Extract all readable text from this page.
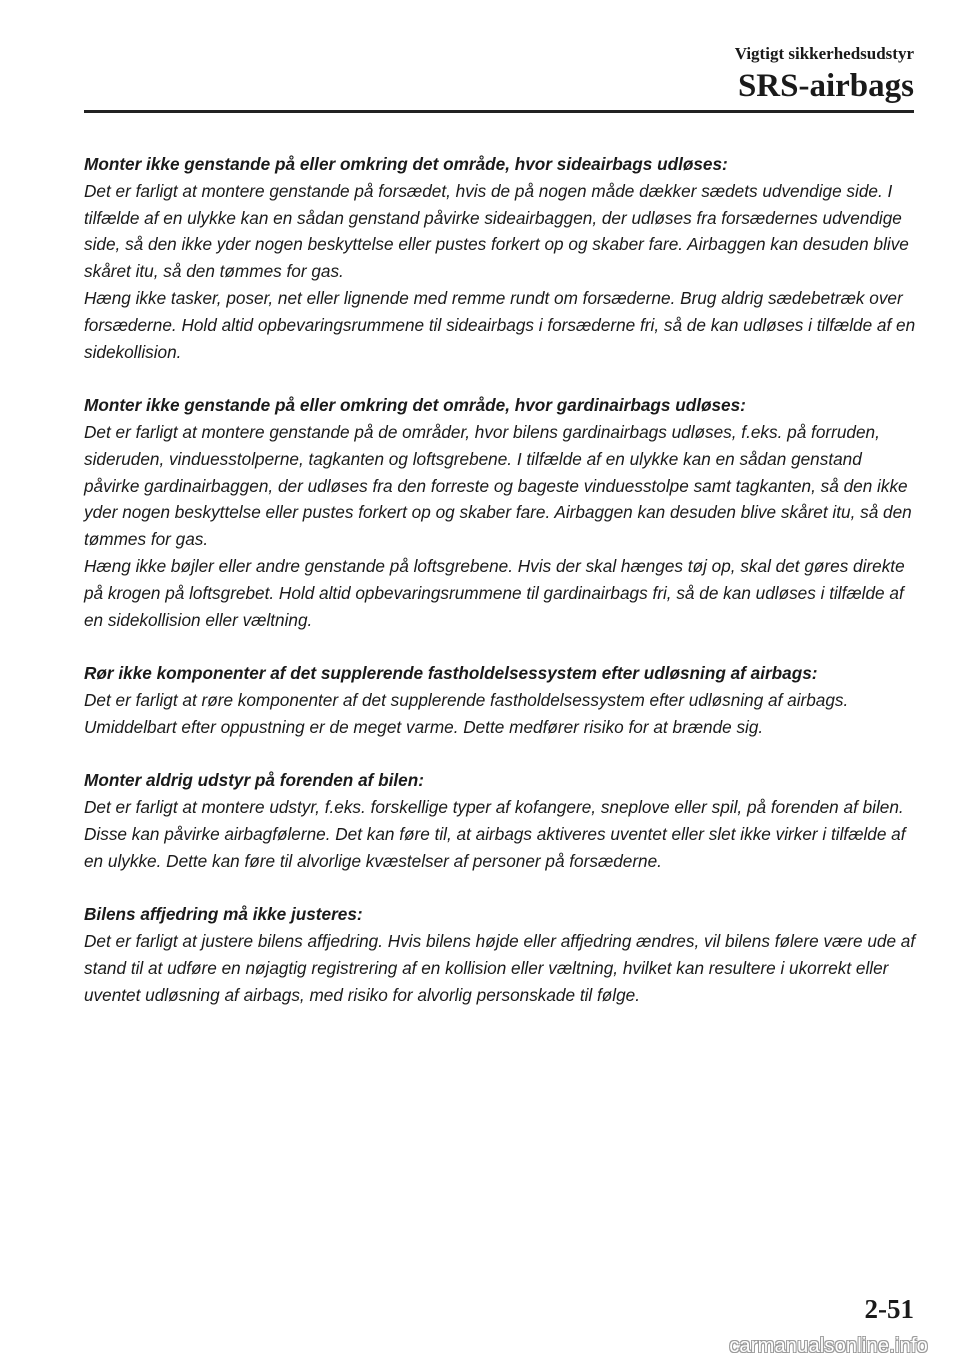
Vigtigt sikkerhedsudstyr
SRS-airbags
Monter ikke genstande på eller omkring det område, hvor sideairbags udløses:
Det er farligt at montere genstande på forsædet, hvis de på nogen måde dækker sædets udvendige side. I tilfælde af en ulykke kan en sådan genstand påvirke sideairbaggen, der udløses fra forsædernes udvendige side, så den ikke yder nogen beskyttelse eller pustes forkert op og skaber fare. Airbaggen kan desuden blive skåret itu, så den tømmes for gas.
Hæng ikke tasker, poser, net eller lignende med remme rundt om forsæderne. Brug aldrig sædebetræk over forsæderne. Hold altid opbevaringsrummene til sideairbags i forsæderne fri, så de kan udløses i tilfælde af en sidekollision.
Monter ikke genstande på eller omkring det område, hvor gardinairbags udløses:
Det er farligt at montere genstande på de områder, hvor bilens gardinairbags udløses, f.eks. på forruden, sideruden, vinduesstolperne, tagkanten og loftsgrebene. I tilfælde af en ulykke kan en sådan genstand påvirke gardinairbaggen, der udløses fra den forreste og bageste vinduesstolpe samt tagkanten, så den ikke yder nogen beskyttelse eller pustes forkert op og skaber fare. Airbaggen kan desuden blive skåret itu, så den tømmes for gas.
Hæng ikke bøjler eller andre genstande på loftsgrebene. Hvis der skal hænges tøj op, skal det gøres direkte på krogen på loftsgrebet. Hold altid opbevaringsrummene til gardinairbags fri, så de kan udløses i tilfælde af en sidekollision eller væltning.
Rør ikke komponenter af det supplerende fastholdelsessystem efter udløsning af airbags:
Det er farligt at røre komponenter af det supplerende fastholdelsessystem efter udløsning af airbags. Umiddelbart efter oppustning er de meget varme. Dette medfører risiko for at brænde sig.
Monter aldrig udstyr på forenden af bilen:
Det er farligt at montere udstyr, f.eks. forskellige typer af kofangere, sneplove eller spil, på forenden af bilen. Disse kan påvirke airbagfølerne. Det kan føre til, at airbags aktiveres uventet eller slet ikke virker i tilfælde af en ulykke. Dette kan føre til alvorlige kvæstelser af personer på forsæderne.
Bilens affjedring må ikke justeres:
Det er farligt at justere bilens affjedring. Hvis bilens højde eller affjedring ændres, vil bilens følere være ude af stand til at udføre en nøjagtig registrering af en kollision eller væltning, hvilket kan resultere i ukorrekt eller uventet udløsning af airbags, med risiko for alvorlig personskade til følge.
2-51
carmanualsonline.info
